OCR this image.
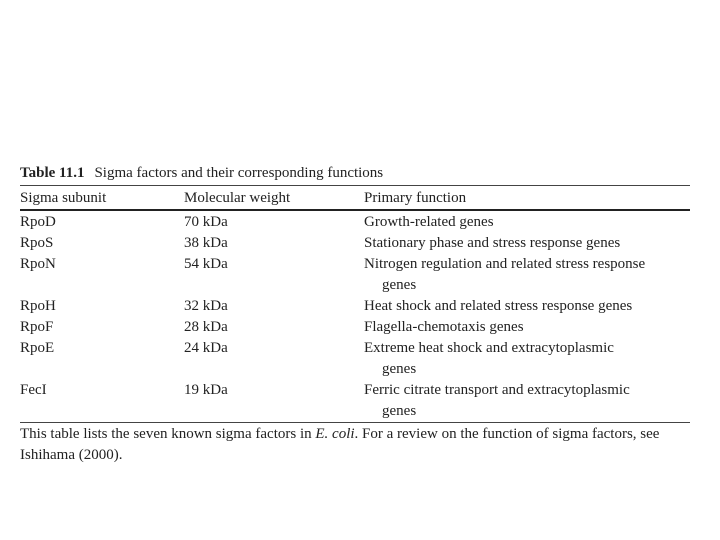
Table 11.1 Sigma factors and their corresponding functions
Sigma subunit	Molecular weight	Primary function
RpoD	70 kDa	Growth-related genes
RpoS	38 kDa	Stationary phase and stress response genes
RpoN	54 kDa	Nitrogen regulation and related stress response
genes

RpoH	32 kDa	Heat shock and related stress response genes
RpoF	28 kDa	Flagella-chemotaxis genes
RpoE	24 kDa	Extreme heat shock and extracytoplasmic
genes

FecI	19 kDa	Ferric citrate transport and extracytoplasmic
genes
This table lists the seven known sigma factors in E. coli. For a review on the function of sigma factors, see Ishihama (2000).
